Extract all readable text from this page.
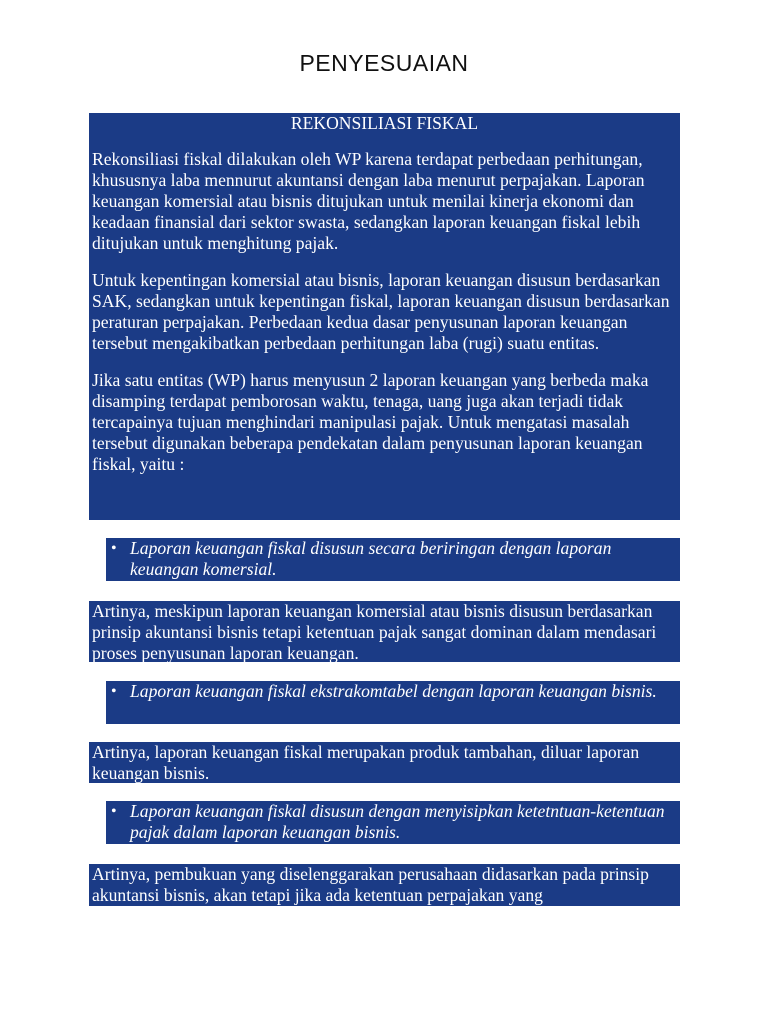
PENYESUAIAN

REKONSILIASI FISKAL

Rekonsiliasi fiskal dilakukan oleh WP karena terdapat perbedaan perhitungan, khususnya laba mennurut akuntansi dengan laba menurut perpajakan. Laporan keuangan komersial atau bisnis ditujukan untuk menilai kinerja ekonomi dan keadaan finansial dari sektor swasta, sedangkan laporan keuangan fiskal lebih ditujukan untuk menghitung pajak.

Untuk kepentingan komersial atau bisnis, laporan keuangan disusun berdasarkan SAK, sedangkan untuk kepentingan fiskal, laporan keuangan disusun berdasarkan peraturan perpajakan. Perbedaan kedua dasar penyusunan laporan keuangan tersebut mengakibatkan perbedaan perhitungan laba (rugi) suatu entitas.

Jika satu entitas (WP) harus menyusun 2 laporan keuangan yang berbeda maka disamping terdapat pemborosan waktu, tenaga, uang juga akan terjadi tidak tercapainya tujuan menghindari manipulasi pajak. Untuk mengatasi masalah tersebut digunakan beberapa pendekatan dalam penyusunan laporan keuangan fiskal, yaitu :

• Laporan keuangan fiskal disusun secara beriringan dengan laporan keuangan komersial.
Artinya, meskipun laporan keuangan komersial atau bisnis disusun berdasarkan prinsip akuntansi bisnis tetapi ketentuan pajak sangat dominan dalam mendasari proses penyusunan laporan keuangan.
• Laporan keuangan fiskal ekstrakomtabel dengan laporan keuangan bisnis.
Artinya, laporan keuangan fiskal merupakan produk tambahan, diluar laporan keuangan bisnis.
• Laporan keuangan fiskal disusun dengan menyisipkan ketetntuan-ketentuan pajak dalam laporan keuangan bisnis.
Artinya, pembukuan yang diselenggarakan perusahaan didasarkan pada prinsip akuntansi bisnis, akan tetapi jika ada ketentuan perpajakan yang
